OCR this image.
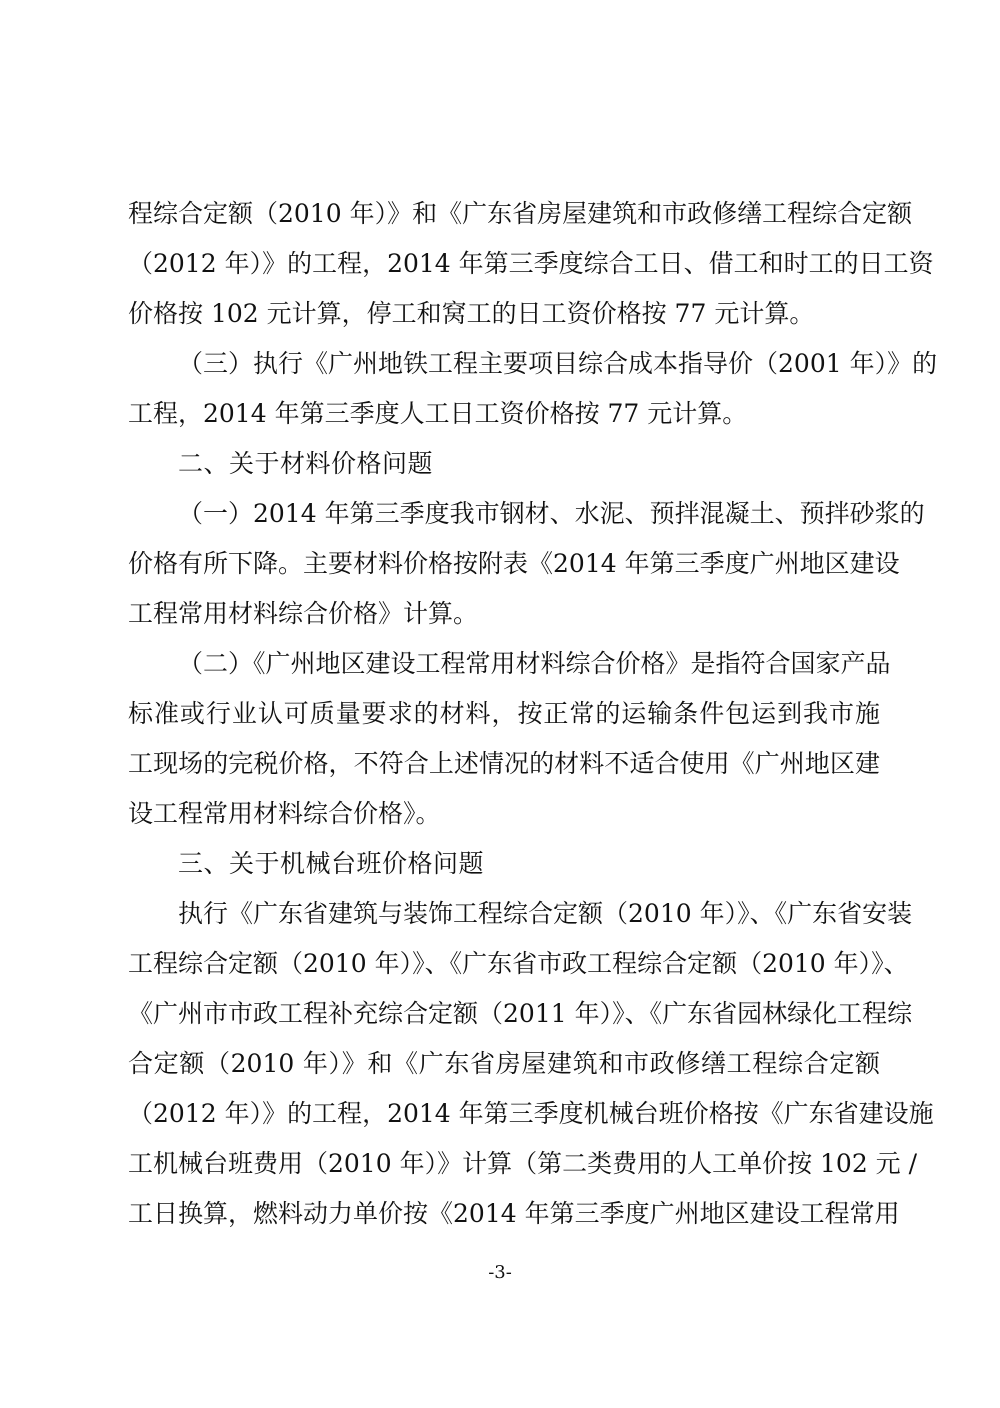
程综合定额（2010 年）》和《广东省房屋建筑和市政修缮工程综合定额
（2012 年）》的工程，2014 年第三季度综合工日、借工和时工的日工资
价格按 102 元计算，停工和窝工的日工资价格按 77 元计算。
（三）执行《广州地铁工程主要项目综合成本指导价（2001 年）》的
工程，2014 年第三季度人工日工资价格按 77 元计算。
二、关于材料价格问题
（一）2014 年第三季度我市钢材、水泥、预拌混凝土、预拌砂浆的
价格有所下降。主要材料价格按附表《2014 年第三季度广州地区建设
工程常用材料综合价格》计算。
（二）《广州地区建设工程常用材料综合价格》是指符合国家产品
标准或行业认可质量要求的材料，按正常的运输条件包运到我市施
工现场的完税价格，不符合上述情况的材料不适合使用《广州地区建
设工程常用材料综合价格》。
三、关于机械台班价格问题
执行《广东省建筑与装饰工程综合定额（2010 年）》、《广东省安装
工程综合定额（2010 年）》、《广东省市政工程综合定额（2010 年）》、
《广州市市政工程补充综合定额（2011 年）》、《广东省园林绿化工程综
合定额（2010 年）》和《广东省房屋建筑和市政修缮工程综合定额
（2012 年）》的工程，2014 年第三季度机械台班价格按《广东省建设施
工机械台班费用（2010 年）》计算（第二类费用的人工单价按 102 元 /
工日换算，燃料动力单价按《2014 年第三季度广州地区建设工程常用
-3-
